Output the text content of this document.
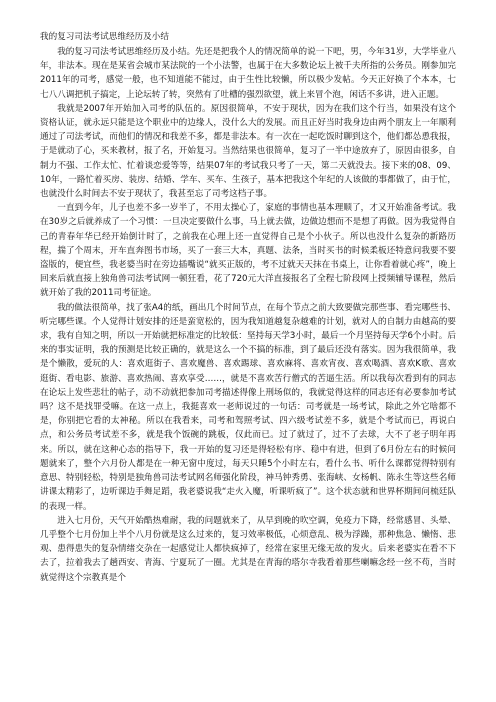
我的复习司法考试思维经历及小结

我的复习司法考试思维经历及小结。先还是把我个人的情况简单的说一下吧，男，今年31岁，大学毕业八年，非法本。现在是某省会城市某法院的一个小法警，也属于在大多数论坛上被千夫所指的公务员。刚参加完2011年的司考，感觉一般，也不知道能不能过，由于生性比较懒，所以极少发帖。今天正好换了个本本，七七八八调把机子搞定，上论坛转了转，突然有了吐槽的强烈欲望，就上来冒个泡，闲话不多讲，进入正题。

我就是2007年开始加入司考的队伍的。原因很简单，不安于现状，因为在我们这个行当，如果没有这个资格认证，就永远只能是这个职业中的边缘人，没什么大的发展。而且正好当时我身边由两个朋友上一年顺利通过了司法考试，而他们的情况和我差不多，都是非法本。有一次在一起吃饭时聊到这个，他们都怂恿我报，于是就动了心，买来教材，报了名，开始复习。当然结果也很简单，复习了一半中途放弃了，原因由很多，自制力不强、工作太忙、忙着谈恋爱等等，结果07年的考试我只考了一天，第二天就没去。接下来的08、09、10年，一路忙着买房、装房、结婚、学车、买车、生孩子，基本把我这个年纪的人该做的事都做了，由于忙，也就没什么时间去不安于现状了，我甚至忘了司考这档子事。

一直到今年，儿子也差不多一岁半了，不用太操心了，家庭的事情也基本理顺了，才又开始准备考试。我在30岁之后就养成了一个习惯：一旦决定要做什么事，马上就去做，边做边想而不是想了再做。因为我觉得自己的青春年华已经开始倒计时了，之前我在心理上还一直觉得自己是个小伙子。所以也没什么复杂的新路历程，揣了个周末，开车直奔图书市场，买了一套三大本，真题、法条，当时买书的时候柔板还特意问我要不要盗版的，便宜些，我老婆当时在旁边插嘴说“就买正版的，考不过就天天抹在书桌上，让你看着就心疼”，晚上回来后就直接上独角兽司法考试网一顿狂看，花了720元大洋直接报名了全程七阶段网上授频辅导课程，然后就开始了我的2011司考征途。

我的做法很简单，找了张A4的纸，画出几个时间节点，在每个节点之前大致要做完那些事、看完哪些书、听完哪些课。个人觉得计划安排的还是蛮宽松的，因为我知道越复杂越难的计划，就对人的自制力由越高的要求，我有自知之明，所以一开始就把标准定的比较低：坚持每天学3小时，最后一个月坚持每天学6个小时。后来的事实证明，我的预测是比较正确的，就是这么一个不搞的标准，到了最后还没有落实。因为我很简单，我是个懒散，爱玩的人：喜欢逛街子、喜欢魔兽、喜欢踢球、喜欢麻将、喜欢宵夜、喜欢喝酒、喜欢K歌、喜欢逛街、看电影、旅游、喜欢热闹、喜欢享受……，就是不喜欢苦行僧式的苦逼生活。所以我每次看到有的同志在论坛上发些悲壮的帖子，动不动就把参加司考描述得像上刑场似的，我就觉得这样的同志还有必要参加考试吗？这不是找罪受嘛。在这一点上，我挺喜欢一老师说过的一句话：司考就是一场考试，除此之外它啥都不是，你别把它看的太神秘。所以在我看来，司考和驾照考试、四六级考试差不多，就是个考试而已，再说白点，和公务员考试差不多，就是我个饭碗的跳板，仅此而已。过了就过了，过不了去球，大不了老子明年再来。所以，就在这种心态的指导下，我一开始的复习还是得轻松有序、稳中有进，但到了6月份左右的时候问题就来了，整个六月份人都是在一种无窗中度过，每天只睡5个小时左右，看什么书、听什么课都觉得特别有意思、特别轻松，特别是独角兽司法考试网名师强化阶段，神马钟秀勇、张海峡、女杨帆、陈永生等这些名师讲课太精彩了，边听课边手舞足蹈，我老婆说我“走火入魔，听课听疯了”。这个状态就和世界杯期间问梳廷队的表现一样。

进入七月份，天气开始酷热难耐，我的问题就来了，从早到晚的吹空调，免疫力下降，经常感冒、头晕、几乎整个七月份加上半个八月份就是这么过来的，复习效率极低，心烦意乱、极为浮躁，那种焦急、懒惰、悲观、患得患失的复杂情绪交杂在一起感觉让人都快疯掉了，经常在家里无缘无故的发火。后来老婆实在看不下去了，拉着我去了趟西安、青海、宁夏玩了一圈。尤其是在青海的塔尔寺我看着那些喇嘛念经一丝不苟，当时就觉得这个宗教真是个
